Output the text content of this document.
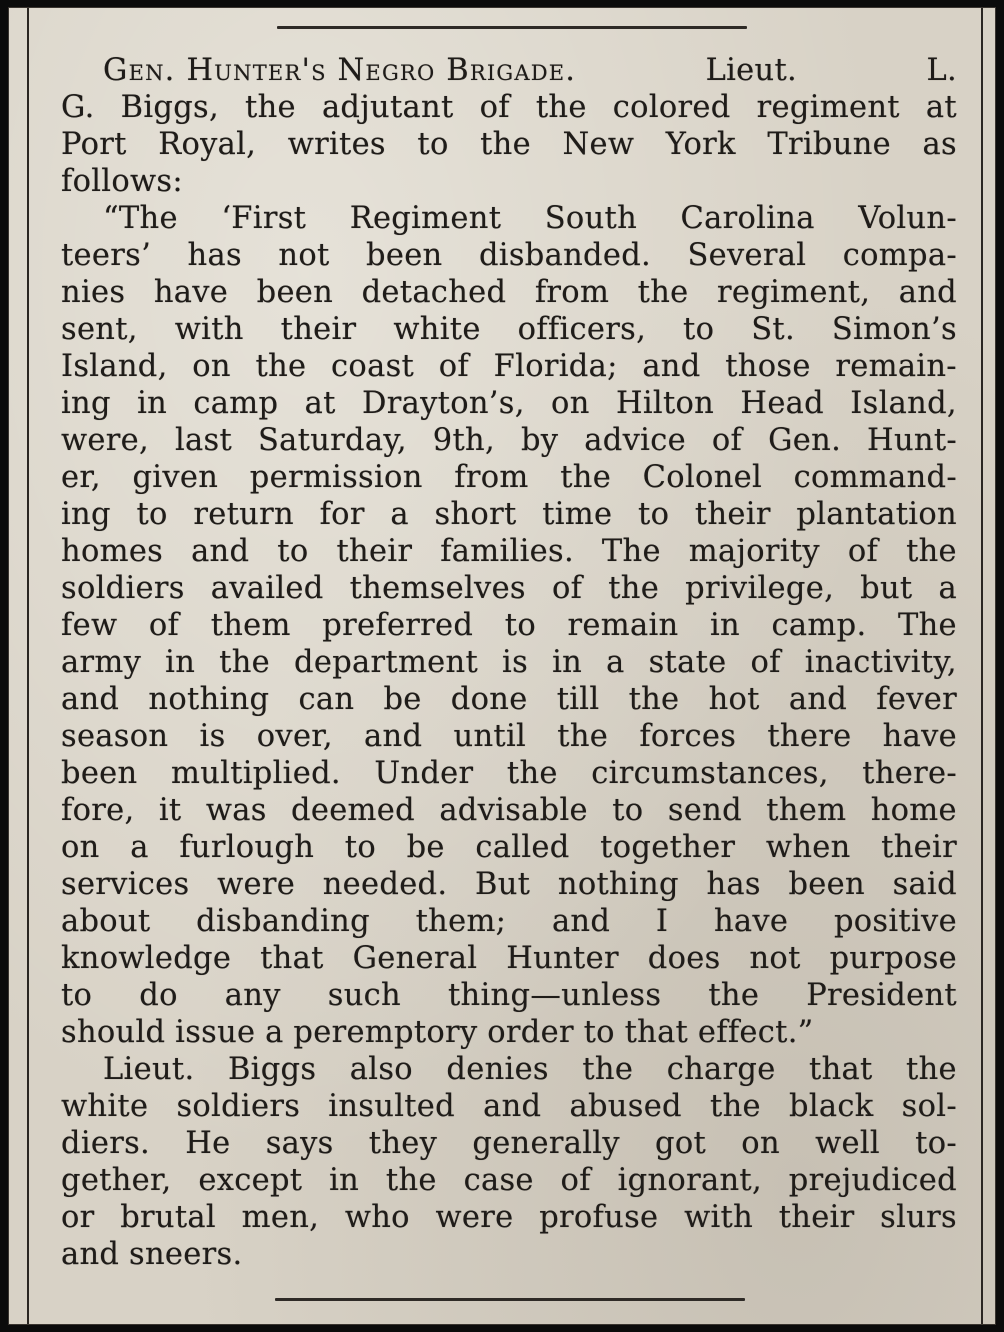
Gen. Hunter's Negro Brigade.	Lieut.	L.
G. Biggs, the adjutant of the colored regiment at
Port Royal, writes to the New York Tribune as
follows:
“The ‘First Regiment South Carolina Volun-
teers’ has not been disbanded. Several compa-
nies have been detached from the regiment, and
sent, with their white officers, to St. Simon’s
Island, on the coast of Florida; and those remain-
ing in camp at Drayton’s, on Hilton Head Island,
were, last Saturday, 9th, by advice of Gen. Hunt-
er, given permission from the Colonel command-
ing to return for a short time to their plantation
homes and to their families. The majority of the
soldiers availed themselves of the privilege, but a
few of them preferred to remain in camp. The
army in the department is in a state of inactivity,
and nothing can be done till the hot and fever
season is over, and until the forces there have
been multiplied. Under the circumstances, there-
fore, it was deemed advisable to send them home
on a furlough to be called together when their
services were needed. But nothing has been said
about disbanding them; and I have positive
knowledge that General Hunter does not purpose
to do any such thing—unless the President
should issue a peremptory order to that effect.”
Lieut. Biggs also denies the charge that the
white soldiers insulted and abused the black sol-
diers. He says they generally got on well to-
gether, except in the case of ignorant, prejudiced
or brutal men, who were profuse with their slurs
and sneers.
